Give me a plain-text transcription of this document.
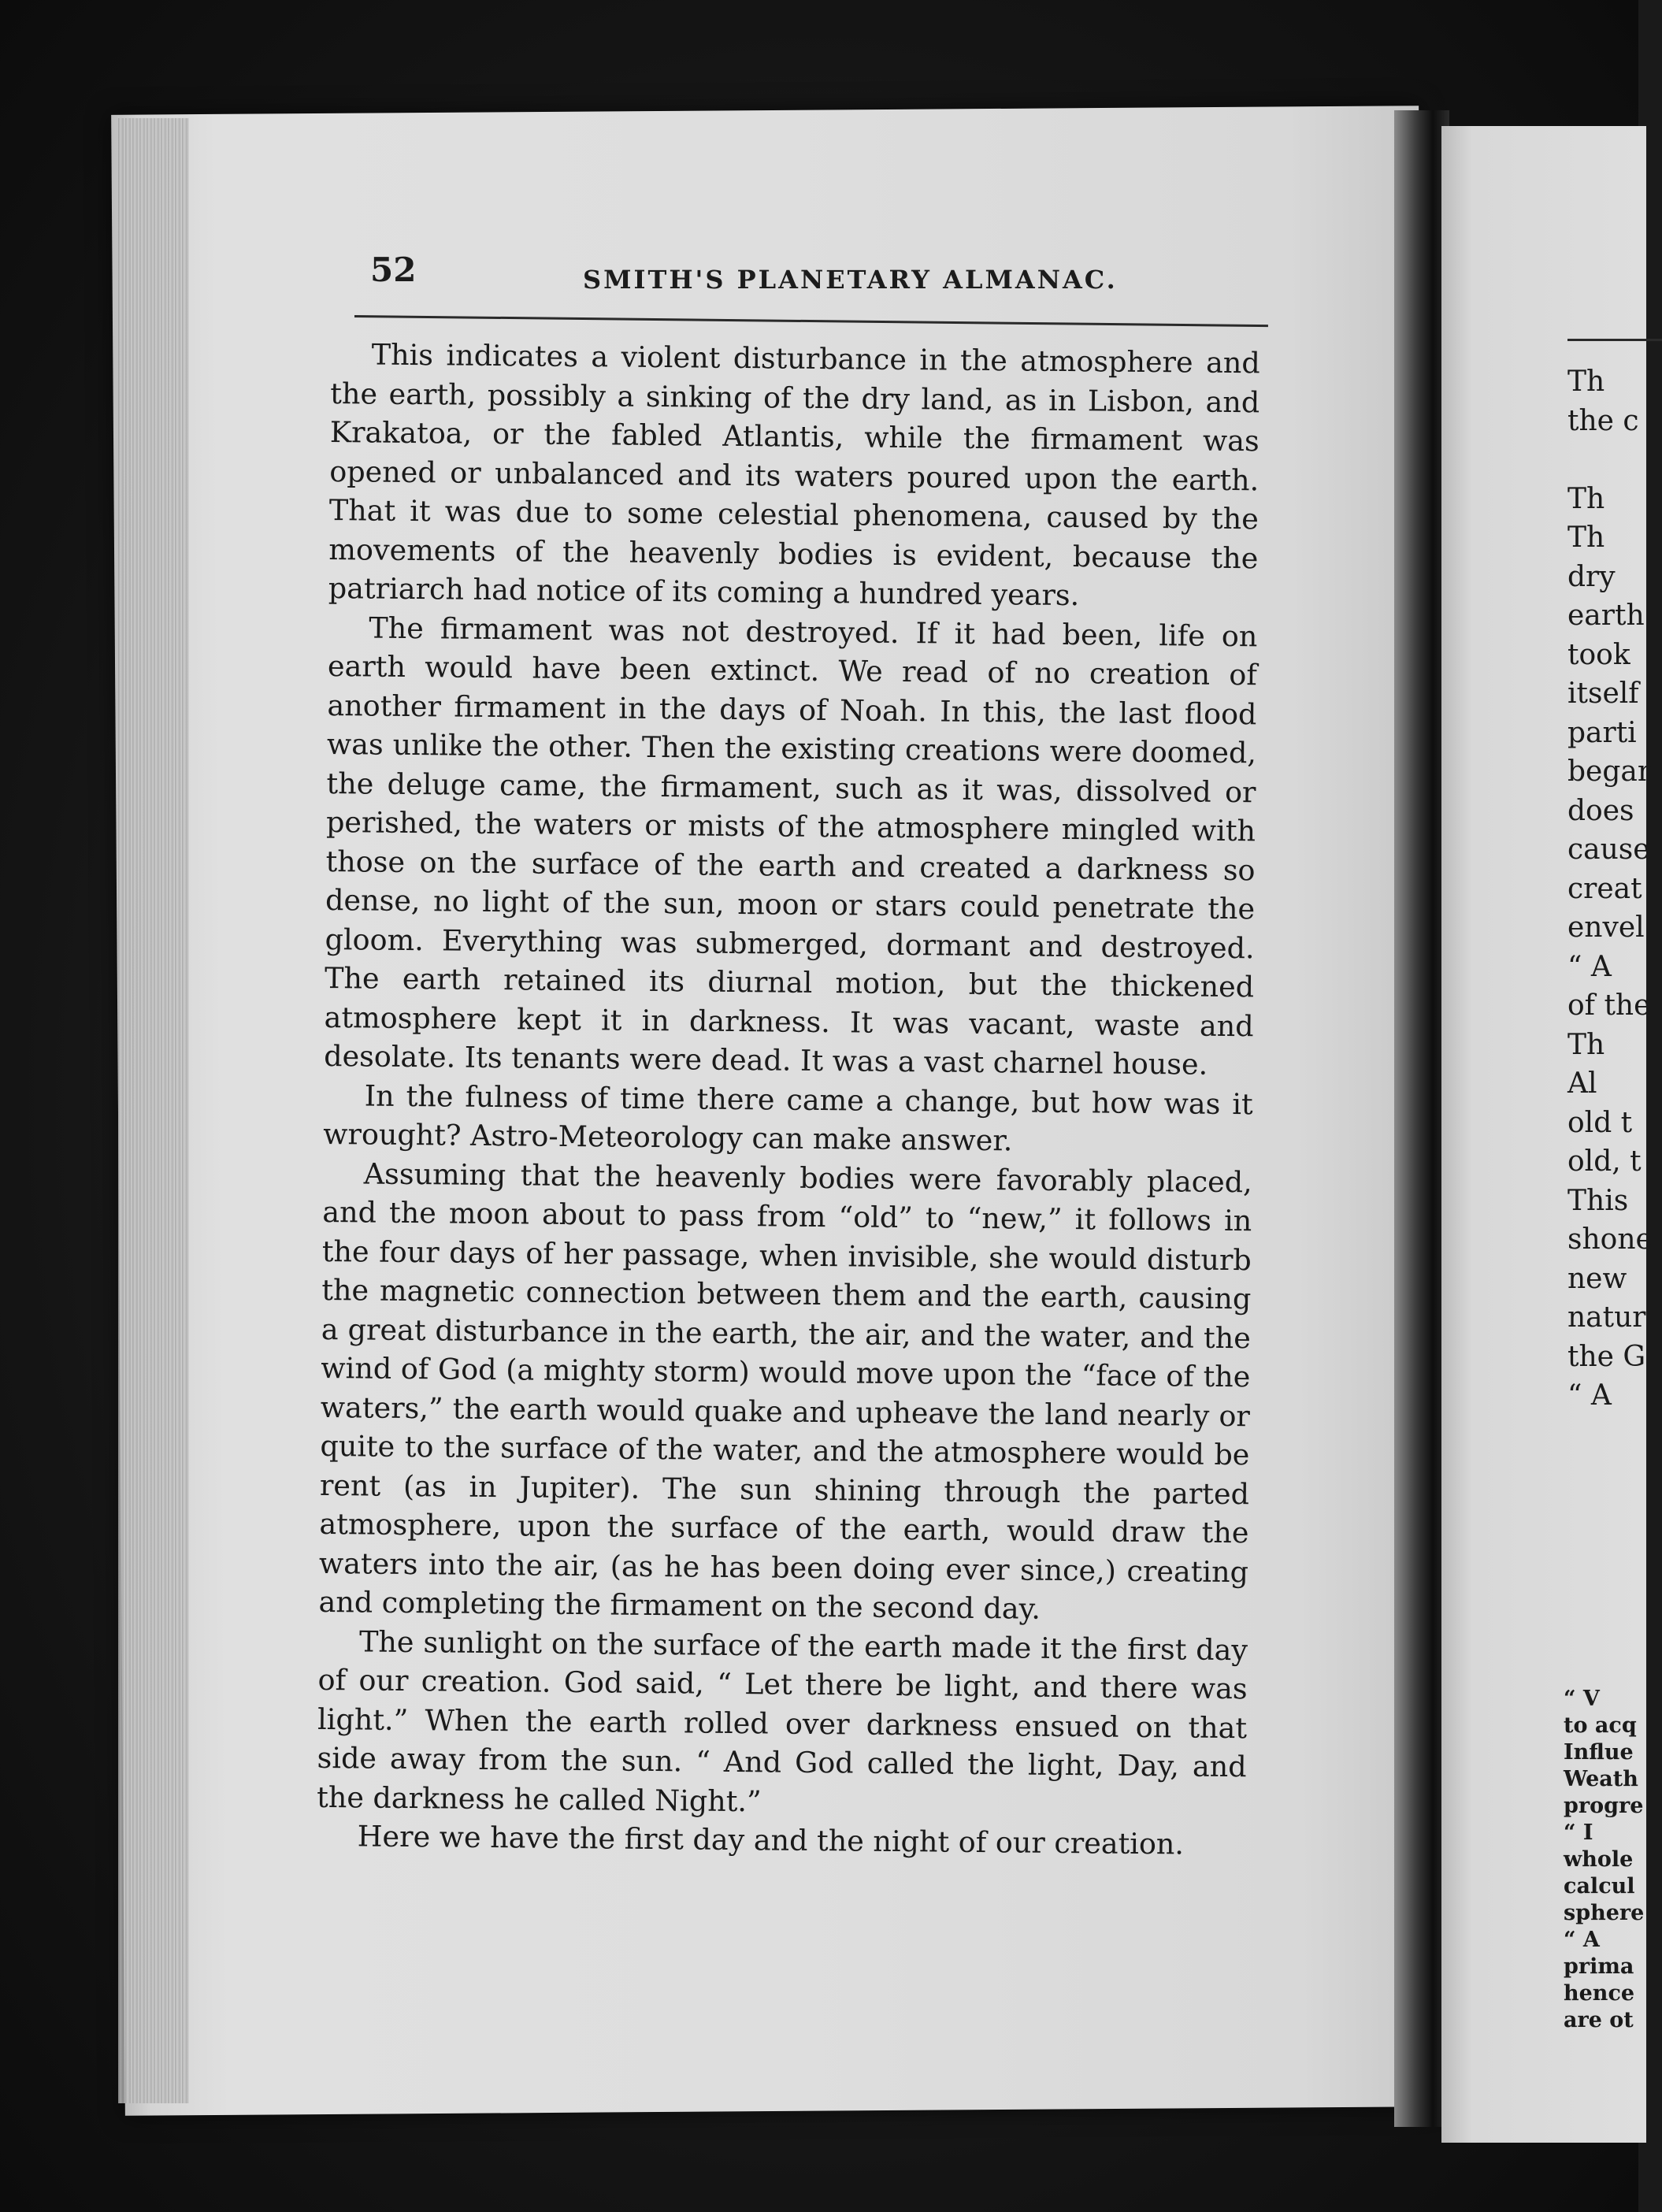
Th
the c

Th
Th
dry
earth
took
itself
parti
began
does
cause
creat
envel
“ A
of the
Th
Al
old t
old, t
This
shone
new
natur
the G
“ A
“ V
to acq
Influe
Weath
progre
“ I
whole
calcul
sphere
“ A
prima
hence
are ot
52	SMITH'S PLANETARY ALMANAC.

This indicates a violent disturbance in the atmosphere and the earth, possibly a sinking of the dry land, as in Lisbon, and Krakatoa, or the fabled Atlantis, while the firmament was opened or unbalanced and its waters poured upon the earth. That it was due to some celestial phenomena, caused by the movements of the heavenly bodies is evident, because the patriarch had notice of its coming a hundred years.

The firmament was not destroyed. If it had been, life on earth would have been extinct. We read of no creation of another firmament in the days of Noah. In this, the last flood was unlike the other. Then the existing creations were doomed, the deluge came, the firmament, such as it was, dissolved or perished, the waters or mists of the atmosphere mingled with those on the surface of the earth and created a darkness so dense, no light of the sun, moon or stars could penetrate the gloom. Everything was submerged, dormant and destroyed. The earth retained its diurnal motion, but the thickened atmosphere kept it in darkness. It was vacant, waste and desolate. Its tenants were dead. It was a vast charnel house.

In the fulness of time there came a change, but how was it wrought? Astro-Meteorology can make answer.

Assuming that the heavenly bodies were favorably placed, and the moon about to pass from “old” to “new,” it follows in the four days of her passage, when invisible, she would disturb the magnetic connection between them and the earth, causing a great disturbance in the earth, the air, and the water, and the wind of God (a mighty storm) would move upon the “face of the waters,” the earth would quake and upheave the land nearly or quite to the surface of the water, and the atmosphere would be rent (as in Jupiter). The sun shining through the parted atmosphere, upon the surface of the earth, would draw the waters into the air, (as he has been doing ever since,) creating and completing the firmament on the second day.

The sunlight on the surface of the earth made it the first day of our creation. God said, “ Let there be light, and there was light.” When the earth rolled over darkness ensued on that side away from the sun. “ And God called the light, Day, and the darkness he called Night.”

Here we have the first day and the night of our creation.
